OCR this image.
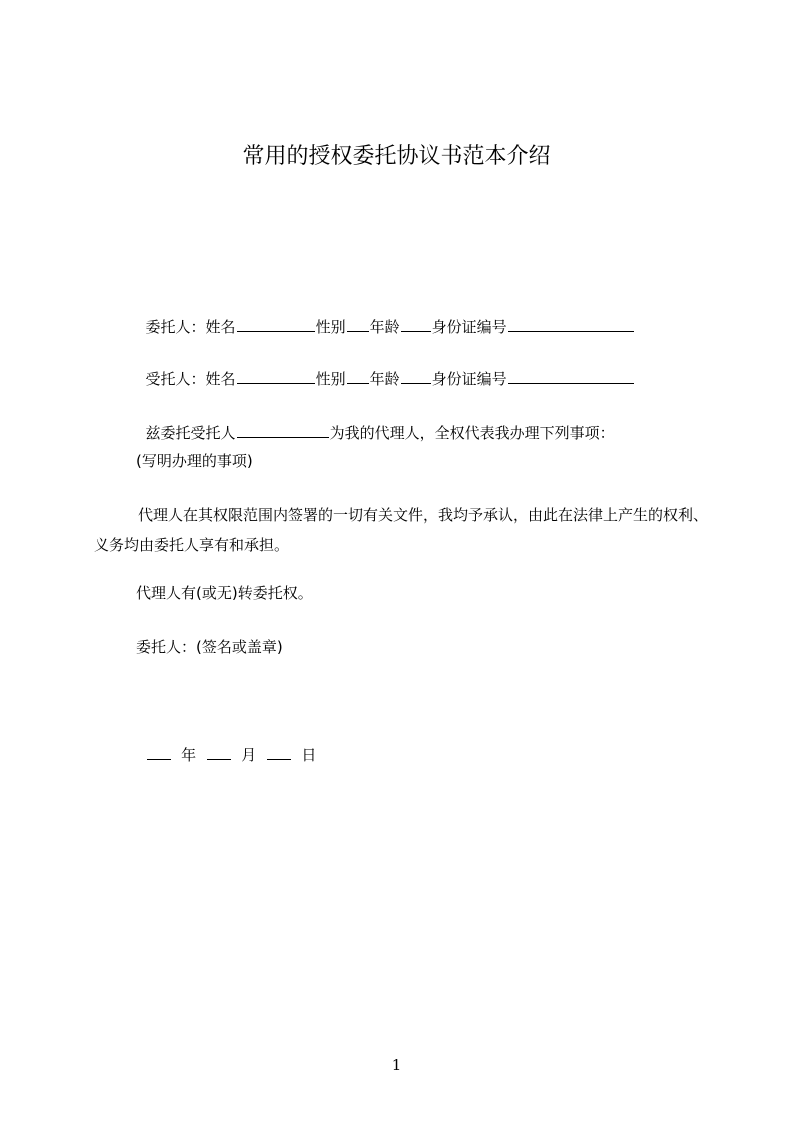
常用的授权委托协议书范本介绍

委托人：姓名	性别 年龄 身份证编号

受托人：姓名	性别 年龄 身份证编号

兹委托受托人	为我的代理人，全权代表我办理下列事项：

(写明办理的事项)
代理人在其权限范围内签署的一切有关文件，我均予承认，由此在法律上产生的权利、义务均由委托人享有和承担。
代理人有(或无)转委托权。
委托人：(签名或盖章)

年	月	日

1
